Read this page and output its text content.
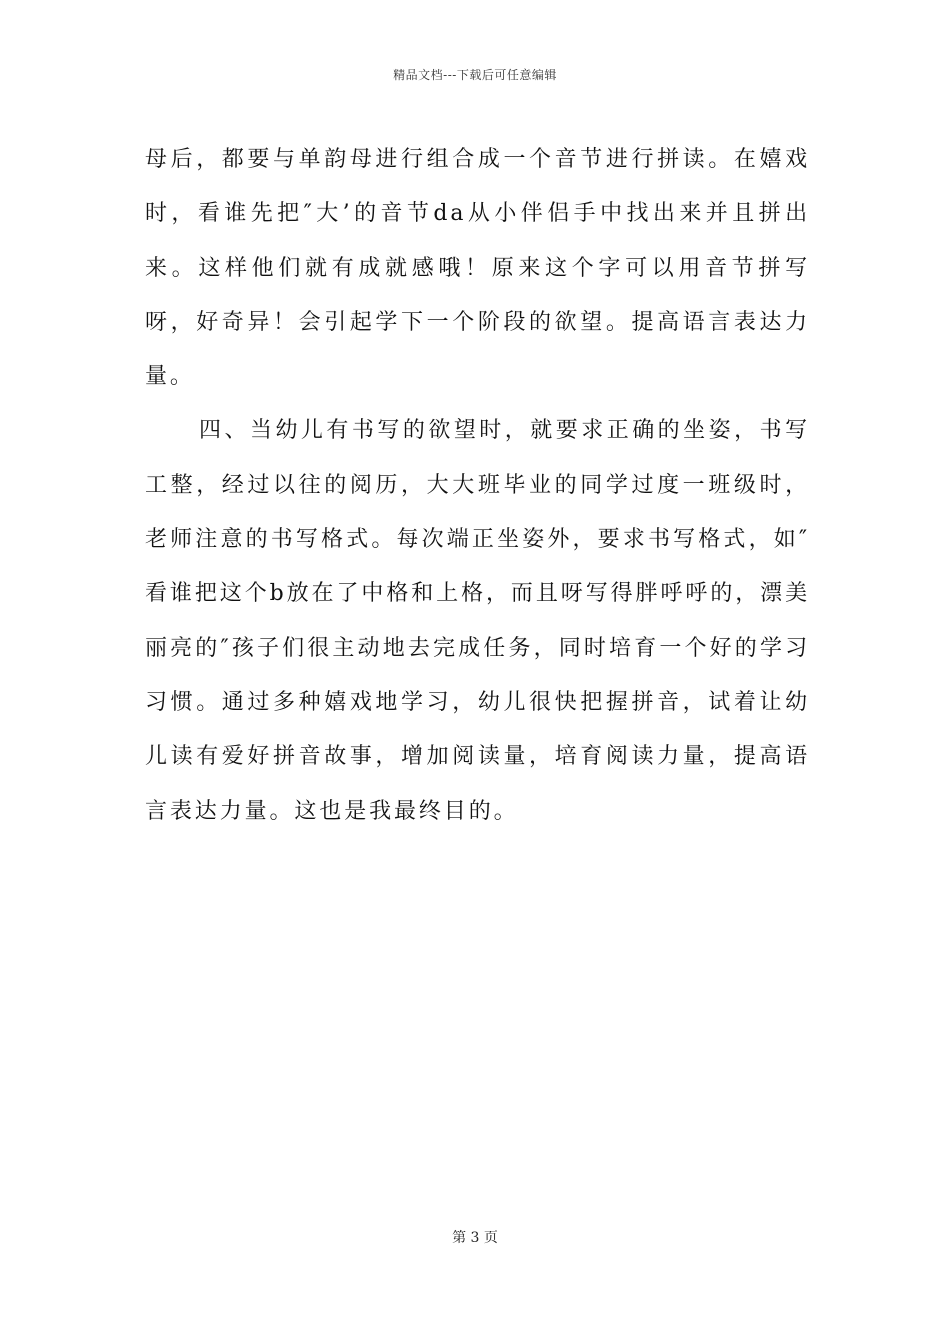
精品文档---下载后可任意编辑

母后，都要与单韵母进行组合成一个音节进行拼读。在嬉戏时，看谁先把″大’的音节da从小伴侣手中找出来并且拼出来。这样他们就有成就感哦！原来这个字可以用音节拼写呀，好奇异！会引起学下一个阶段的欲望。提高语言表达力量。

四、当幼儿有书写的欲望时，就要求正确的坐姿，书写工整，经过以往的阅历，大大班毕业的同学过度一班级时，老师注意的书写格式。每次端正坐姿外，要求书写格式，如″看谁把这个b放在了中格和上格，而且呀写得胖呼呼的，漂美丽亮的″孩子们很主动地去完成任务，同时培育一个好的学习习惯。通过多种嬉戏地学习，幼儿很快把握拼音，试着让幼儿读有爱好拼音故事，增加阅读量，培育阅读力量，提高语言表达力量。这也是我最终目的。

第 3 页
